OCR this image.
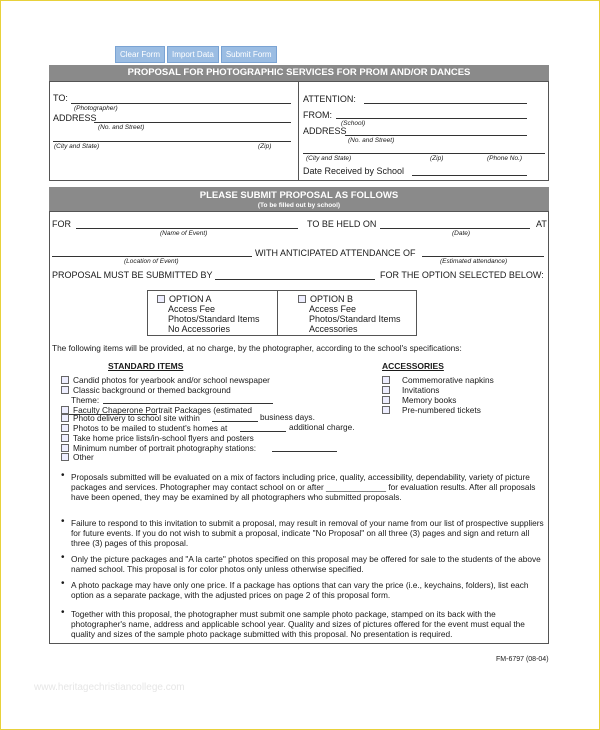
Clear Form	Import Data	Submit Form
PROPOSAL FOR PHOTOGRAPHIC SERVICES FOR PROM AND/OR DANCES
TO:
(Photographer)
ADDRESS
(No. and Street)
(City and State)	(Zip)
ATTENTION:
FROM:
(School)
ADDRESS
(No. and Street)
(City and State)	(Zip)	(Phone No.)
Date Received by School
PLEASE SUBMIT PROPOSAL AS FOLLOWS
(To be filled out by school)
FOR
(Name of Event)
TO BE HELD ON
(Date)
AT
WITH ANTICIPATED ATTENDANCE OF
(Location of Event)	(Estimated attendance)
PROPOSAL MUST BE SUBMITTED BY	FOR THE OPTION SELECTED BELOW:
OPTION A
Access Fee
Photos/Standard Items
No Accessories
OPTION B
Access Fee
Photos/Standard Items
Accessories
The following items will be provided, at no charge, by the photographer, according to the school's specifications:
STANDARD ITEMS
Candid photos for yearbook and/or school newspaper
Classic background or themed background
Theme:
Faculty Chaperone Portrait Packages (estimated
Photo delivery to school site within	business days.
Photos to be mailed to student's homes at	additional charge.
Take home price lists/in-school flyers and posters
Minimum number of portrait photography stations:
Other
ACCESSORIES
Commemorative napkins
Invitations
Memory books
Pre-numbered tickets
• Proposals submitted will be evaluated on a mix of factors including price, quality, accessibility, dependability, variety of picture packages and services. Photographer may contact school on or after _____________ for evaluation results. After all proposals have been opened, they may be examined by all photographers who submitted proposals.
• Failure to respond to this invitation to submit a proposal, may result in removal of your name from our list of prospective suppliers for future events. If you do not wish to submit a proposal, indicate "No Proposal" on all three (3) pages and sign and return all three (3) pages of this proposal.
• Only the picture packages and "A la carte" photos specified on this proposal may be offered for sale to the students of the above named school. This proposal is for color photos only unless otherwise specified.
• A photo package may have only one price. If a package has options that can vary the price (i.e., keychains, folders), list each option as a separate package, with the adjusted prices on page 2 of this proposal form.
• Together with this proposal, the photographer must submit one sample photo package, stamped on its back with the photographer's name, address and applicable school year. Quality and sizes of pictures offered for the event must equal the quality and sizes of the sample photo package submitted with this proposal. No presentation is required.
FM-6797 (08-04)
www.heritagechristiancollege.com
